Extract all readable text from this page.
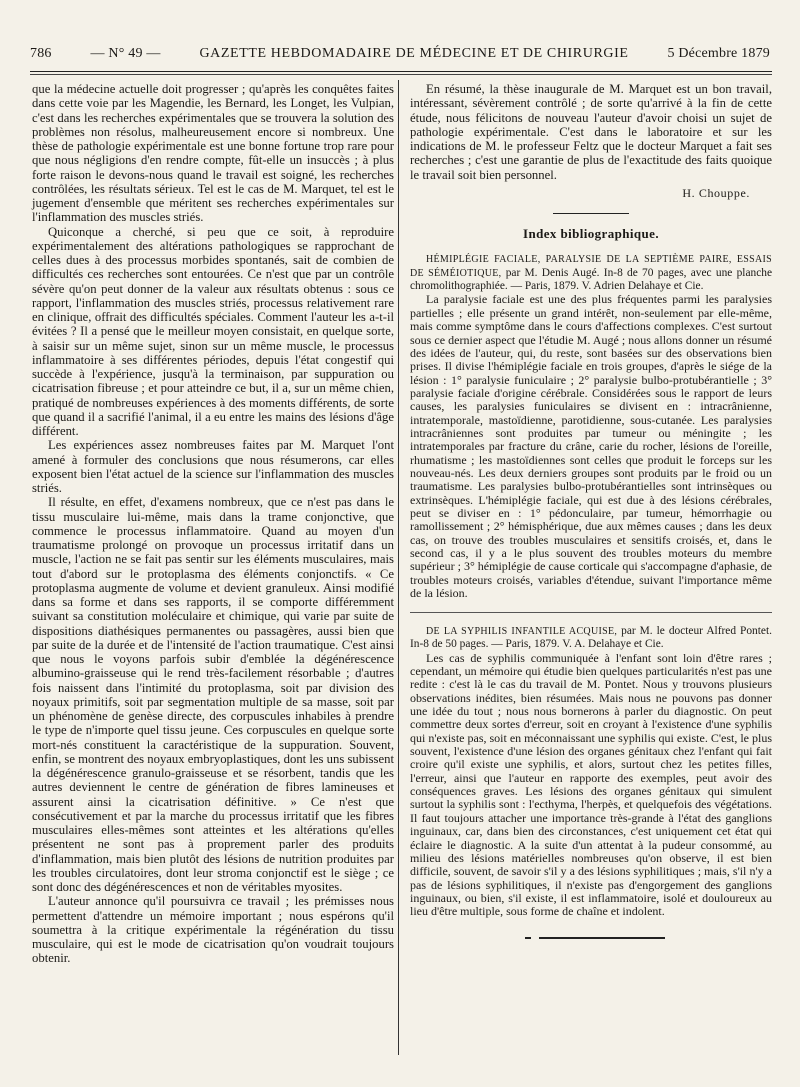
786	— N° 49 —	GAZETTE HEBDOMADAIRE DE MÉDECINE ET DE CHIRURGIE	5 Décembre 1879

que la médecine actuelle doit progresser ; qu'après les conquêtes faites dans cette voie par les Magendie, les Bernard, les Longet, les Vulpian, c'est dans les recherches expérimentales que se trouvera la solution des problèmes non résolus, malheureusement encore si nombreux. Une thèse de pathologie expérimentale est une bonne fortune trop rare pour que nous négligions d'en rendre compte, fût-elle un insuccès ; à plus forte raison le devons-nous quand le travail est soigné, les recherches contrôlées, les résultats sérieux. Tel est le cas de M. Marquet, tel est le jugement d'ensemble que méritent ses recherches expérimentales sur l'inflammation des muscles striés.

Quiconque a cherché, si peu que ce soit, à reproduire expérimentalement des altérations pathologiques se rapprochant de celles dues à des processus morbides spontanés, sait de combien de difficultés ces recherches sont entourées. Ce n'est que par un contrôle sévère qu'on peut donner de la valeur aux résultats obtenus : sous ce rapport, l'inflammation des muscles striés, processus relativement rare en clinique, offrait des difficultés spéciales. Comment l'auteur les a-t-il évitées ? Il a pensé que le meilleur moyen consistait, en quelque sorte, à saisir sur un même sujet, sinon sur un même muscle, le processus inflammatoire à ses différentes périodes, depuis l'état congestif qui succède à l'expérience, jusqu'à la terminaison, par suppuration ou cicatrisation fibreuse ; et pour atteindre ce but, il a, sur un même chien, pratiqué de nombreuses expériences à des moments différents, de sorte que quand il a sacrifié l'animal, il a eu entre les mains des lésions d'âge différent.

Les expériences assez nombreuses faites par M. Marquet l'ont amené à formuler des conclusions que nous résumerons, car elles exposent bien l'état actuel de la science sur l'inflammation des muscles striés.

Il résulte, en effet, d'examens nombreux, que ce n'est pas dans le tissu musculaire lui-même, mais dans la trame conjonctive, que commence le processus inflammatoire. Quand au moyen d'un traumatisme prolongé on provoque un processus irritatif dans un muscle, l'action ne se fait pas sentir sur les éléments musculaires, mais tout d'abord sur le protoplasma des éléments conjonctifs. « Ce protoplasma augmente de volume et devient granuleux. Ainsi modifié dans sa forme et dans ses rapports, il se comporte différemment suivant sa constitution moléculaire et chimique, qui varie par suite de dispositions diathésiques permanentes ou passagères, aussi bien que par suite de la durée et de l'intensité de l'action traumatique. C'est ainsi que nous le voyons parfois subir d'emblée la dégénérescence albumino-graisseuse qui le rend très-facilement résorbable ; d'autres fois naissent dans l'intimité du protoplasma, soit par division des noyaux primitifs, soit par segmentation multiple de sa masse, soit par un phénomène de genèse directe, des corpuscules inhabiles à prendre le type de n'importe quel tissu jeune. Ces corpuscules en quelque sorte mort-nés constituent la caractéristique de la suppuration. Souvent, enfin, se montrent des noyaux embryoplastiques, dont les uns subissent la dégénérescence granulo-graisseuse et se résorbent, tandis que les autres deviennent le centre de génération de fibres lamineuses et assurent ainsi la cicatrisation définitive. » Ce n'est que consécutivement et par la marche du processus irritatif que les fibres musculaires elles-mêmes sont atteintes et les altérations qu'elles présentent ne sont pas à proprement parler des produits d'inflammation, mais bien plutôt des lésions de nutrition produites par les troubles circulatoires, dont leur stroma conjonctif est le siège ; ce sont donc des dégénérescences et non de véritables myosites.

L'auteur annonce qu'il poursuivra ce travail ; les prémisses nous permettent d'attendre un mémoire important ; nous espérons qu'il soumettra à la critique expérimentale la régénération du tissu musculaire, qui est le mode de cicatrisation qu'on voudrait toujours obtenir.

En résumé, la thèse inaugurale de M. Marquet est un bon travail, intéressant, sévèrement contrôlé ; de sorte qu'arrivé à la fin de cette étude, nous félicitons de nouveau l'auteur d'avoir choisi un sujet de pathologie expérimentale. C'est dans le laboratoire et sur les indications de M. le professeur Feltz que le docteur Marquet a fait ses recherches ; c'est une garantie de plus de l'exactitude des faits quoique le travail soit bien personnel.

H. Chouppe.
Index bibliographique.

HÉMIPLÉGIE FACIALE, PARALYSIE DE LA SEPTIÈME PAIRE, ESSAIS DE SÉMÉIOTIQUE, par M. Denis Augé. In-8 de 70 pages, avec une planche chromolithographiée. — Paris, 1879. V. Adrien Delahaye et Cie.

La paralysie faciale est une des plus fréquentes parmi les paralysies partielles ; elle présente un grand intérêt, non-seulement par elle-même, mais comme symptôme dans le cours d'affections complexes. C'est surtout sous ce dernier aspect que l'étudie M. Augé ; nous allons donner un résumé des idées de l'auteur, qui, du reste, sont basées sur des observations bien prises. Il divise l'hémiplégie faciale en trois groupes, d'après le siége de la lésion : 1° paralysie funiculaire ; 2° paralysie bulbo-protubérantielle ; 3° paralysie faciale d'origine cérébrale. Considérées sous le rapport de leurs causes, les paralysies funiculaires se divisent en : intracrânienne, intratemporale, mastoïdienne, parotidienne, sous-cutanée. Les paralysies intracrâniennes sont produites par tumeur ou méningite ; les intratemporales par fracture du crâne, carie du rocher, lésions de l'oreille, rhumatisme ; les mastoïdiennes sont celles que produit le forceps sur les nouveau-nés. Les deux derniers groupes sont produits par le froid ou un traumatisme. Les paralysies bulbo-protubérantielles sont intrinsèques ou extrinsèques. L'hémiplégie faciale, qui est due à des lésions cérébrales, peut se diviser en : 1° pédonculaire, par tumeur, hémorrhagie ou ramollissement ; 2° hémisphérique, due aux mêmes causes ; dans les deux cas, on trouve des troubles musculaires et sensitifs croisés, et, dans le second cas, il y a le plus souvent des troubles moteurs du membre supérieur ; 3° hémiplégie de cause corticale qui s'accompagne d'aphasie, de troubles moteurs croisés, variables d'étendue, suivant l'importance même de la lésion.

DE LA SYPHILIS INFANTILE ACQUISE, par M. le docteur Alfred Pontet. In-8 de 50 pages. — Paris, 1879. V. A. Delahaye et Cie.

Les cas de syphilis communiquée à l'enfant sont loin d'être rares ; cependant, un mémoire qui étudie bien quelques particularités n'est pas une redite : c'est là le cas du travail de M. Pontet. Nous y trouvons plusieurs observations inédites, bien résumées. Mais nous ne pouvons pas donner une idée du tout ; nous nous bornerons à parler du diagnostic. On peut commettre deux sortes d'erreur, soit en croyant à l'existence d'une syphilis qui n'existe pas, soit en méconnaissant une syphilis qui existe. C'est, le plus souvent, l'existence d'une lésion des organes génitaux chez l'enfant qui fait croire qu'il existe une syphilis, et alors, surtout chez les petites filles, l'erreur, ainsi que l'auteur en rapporte des exemples, peut avoir des conséquences graves. Les lésions des organes génitaux qui simulent surtout la syphilis sont : l'ecthyma, l'herpès, et quelquefois des végétations. Il faut toujours attacher une importance très-grande à l'état des ganglions inguinaux, car, dans bien des circonstances, c'est uniquement cet état qui éclaire le diagnostic. A la suite d'un attentat à la pudeur consommé, au milieu des lésions matérielles nombreuses qu'on observe, il est bien difficile, souvent, de savoir s'il y a des lésions syphilitiques ; mais, s'il n'y a pas de lésions syphilitiques, il n'existe pas d'engorgement des ganglions inguinaux, ou bien, s'il existe, il est inflammatoire, isolé et douloureux au lieu d'être multiple, sous forme de chaîne et indolent.
